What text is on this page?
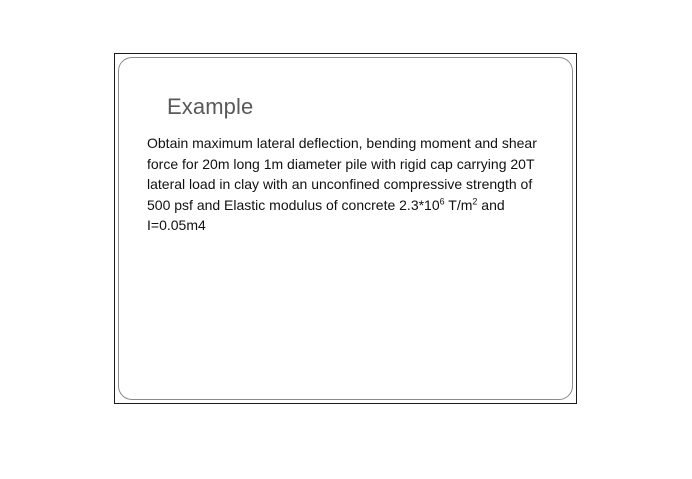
Example

Obtain maximum lateral deflection, bending moment and shear force for 20m long 1m diameter pile with rigid cap carrying 20T lateral load in clay with an unconfined compressive strength of 500 psf and Elastic modulus of concrete $2.3*10^6$ $T/m^2$ and I=0.05m4
